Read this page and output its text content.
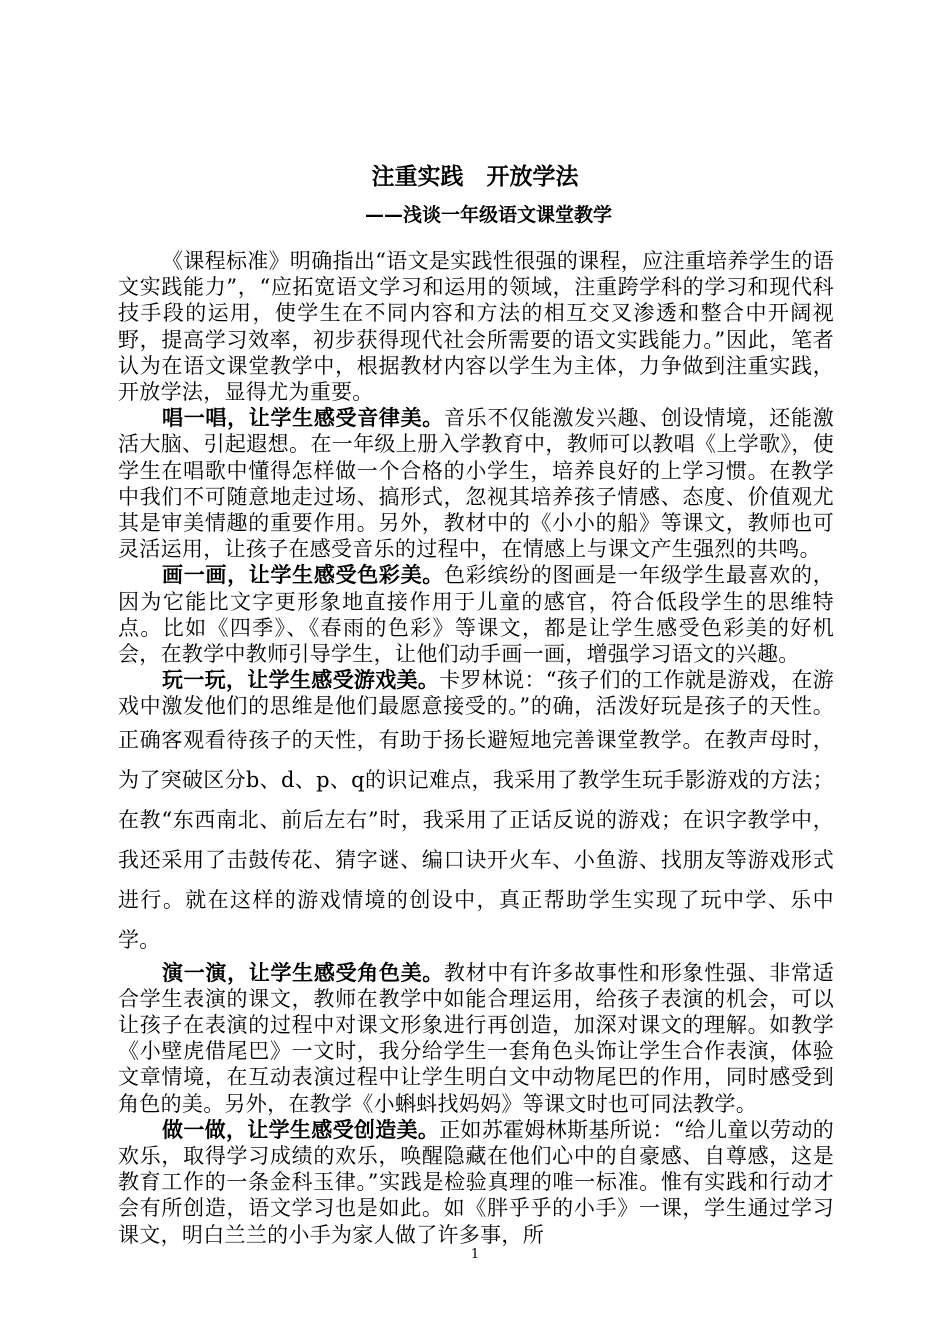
注重实践　开放学法
——浅谈一年级语文课堂教学

《课程标准》明确指出“语文是实践性很强的课程，应注重培养学生的语文实践能力”，“应拓宽语文学习和运用的领域，注重跨学科的学习和现代科技手段的运用，使学生在不同内容和方法的相互交叉渗透和整合中开阔视野，提高学习效率，初步获得现代社会所需要的语文实践能力。”因此，笔者认为在语文课堂教学中，根据教材内容以学生为主体，力争做到注重实践，开放学法，显得尤为重要。

唱一唱，让学生感受音律美。音乐不仅能激发兴趣、创设情境，还能激活大脑、引起遐想。在一年级上册入学教育中，教师可以教唱《上学歌》，使学生在唱歌中懂得怎样做一个合格的小学生，培养良好的上学习惯。在教学中我们不可随意地走过场、搞形式，忽视其培养孩子情感、态度、价值观尤其是审美情趣的重要作用。另外，教材中的《小小的船》等课文，教师也可灵活运用，让孩子在感受音乐的过程中，在情感上与课文产生强烈的共鸣。

画一画，让学生感受色彩美。色彩缤纷的图画是一年级学生最喜欢的，因为它能比文字更形象地直接作用于儿童的感官，符合低段学生的思维特点。比如《四季》、《春雨的色彩》等课文，都是让学生感受色彩美的好机会，在教学中教师引导学生，让他们动手画一画，增强学习语文的兴趣。

玩一玩，让学生感受游戏美。卡罗林说：“孩子们的工作就是游戏，在游戏中激发他们的思维是他们最愿意接受的。”的确，活泼好玩是孩子的天性。正确客观看待孩子的天性，有助于扬长避短地完善课堂教学。在教声母时，为了突破区分b、d、p、q的识记难点，我采用了教学生玩手影游戏的方法；在教“东西南北、前后左右”时，我采用了正话反说的游戏；在识字教学中，我还采用了击鼓传花、猜字谜、编口诀开火车、小鱼游、找朋友等游戏形式进行。就在这样的游戏情境的创设中，真正帮助学生实现了玩中学、乐中学。

演一演，让学生感受角色美。教材中有许多故事性和形象性强、非常适合学生表演的课文，教师在教学中如能合理运用，给孩子表演的机会，可以让孩子在表演的过程中对课文形象进行再创造，加深对课文的理解。如教学《小壁虎借尾巴》一文时，我分给学生一套角色头饰让学生合作表演，体验文章情境，在互动表演过程中让学生明白文中动物尾巴的作用，同时感受到角色的美。另外，在教学《小蝌蚪找妈妈》等课文时也可同法教学。

做一做，让学生感受创造美。正如苏霍姆林斯基所说：“给儿童以劳动的欢乐，取得学习成绩的欢乐，唤醒隐藏在他们心中的自豪感、自尊感，这是教育工作的一条金科玉律。”实践是检验真理的唯一标准。惟有实践和行动才会有所创造，语文学习也是如此。如《胖乎乎的小手》一课，学生通过学习课文，明白兰兰的小手为家人做了许多事，所

1
